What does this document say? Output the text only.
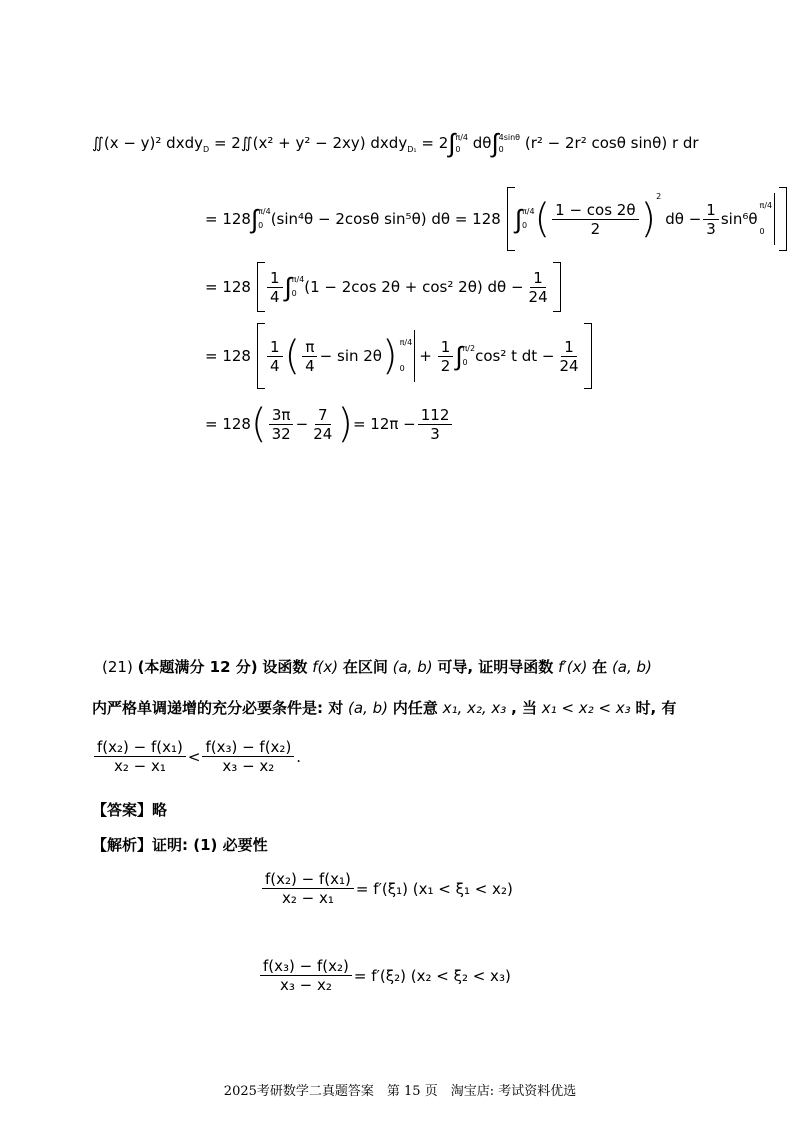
∬(x − y)² dxdy$_D$ = 2∬(x² + y² − 2xy) dxdy$_{D_1}$ = 2∫ π/4
0 dθ∫ 4sinθ
0	(r² − 2r² cosθ sinθ) r dr
= 128 ∫ π/4
0 (sin⁴θ − 2cosθ sin⁵θ) dθ = 128 ∫ π/4
0 ( $\frac{1 - \cos 2\theta}{2}$ ) 2
$d\theta - \frac{1}{3} \sin^6\theta$
π/4
0
= $128 \frac{1}{4}$ ∫ π/4
0 (1 − 2cos 2θ + cos² 2θ) $d\theta - \frac{1}{24}$
= $128 \frac{1}{4}$ ( $\frac{\pi}{4} - \sin 2\theta$ ) π/4
0
+ $\frac{1}{2}$ ∫ π/2
0 cos² t dt − $\frac{1}{24}$
= 128 ( $\frac{3\pi}{32} - \frac{7}{24}$ ) = $12\pi - \frac{112}{3}$
(21) (本题满分 12 分) 设函数 f(x) 在区间 (a, b) 可导, 证明导函数 f′(x) 在 (a, b)
内严格单调递增的充分必要条件是: 对 (a, b) 内任意 x₁, x₂, x₃ , 当 x₁ < x₂ < x₃ 时, 有
$\frac{\text{f(x₂) − f(x₁)}}{\text{x₂ − x₁}} < \frac{\text{f(x₃) − f(x₂)}}{\text{x₃ − x₂}}$ .
【答案】略
【解析】证明: (1) 必要性
$\frac{\text{f(x₂) − f(x₁)}}{\text{x₂ − x₁}} = f'(\xi_1) (x_1 < \xi_1 < x_2)$
$\frac{\text{f(x₃) − f(x₂)}}{\text{x₃ − x₂}} = f'(\xi_2) (x_2 < \xi_2 < x_3)$
2025考研数学二真题答案　第 15 页　淘宝店: 考试资料优选
